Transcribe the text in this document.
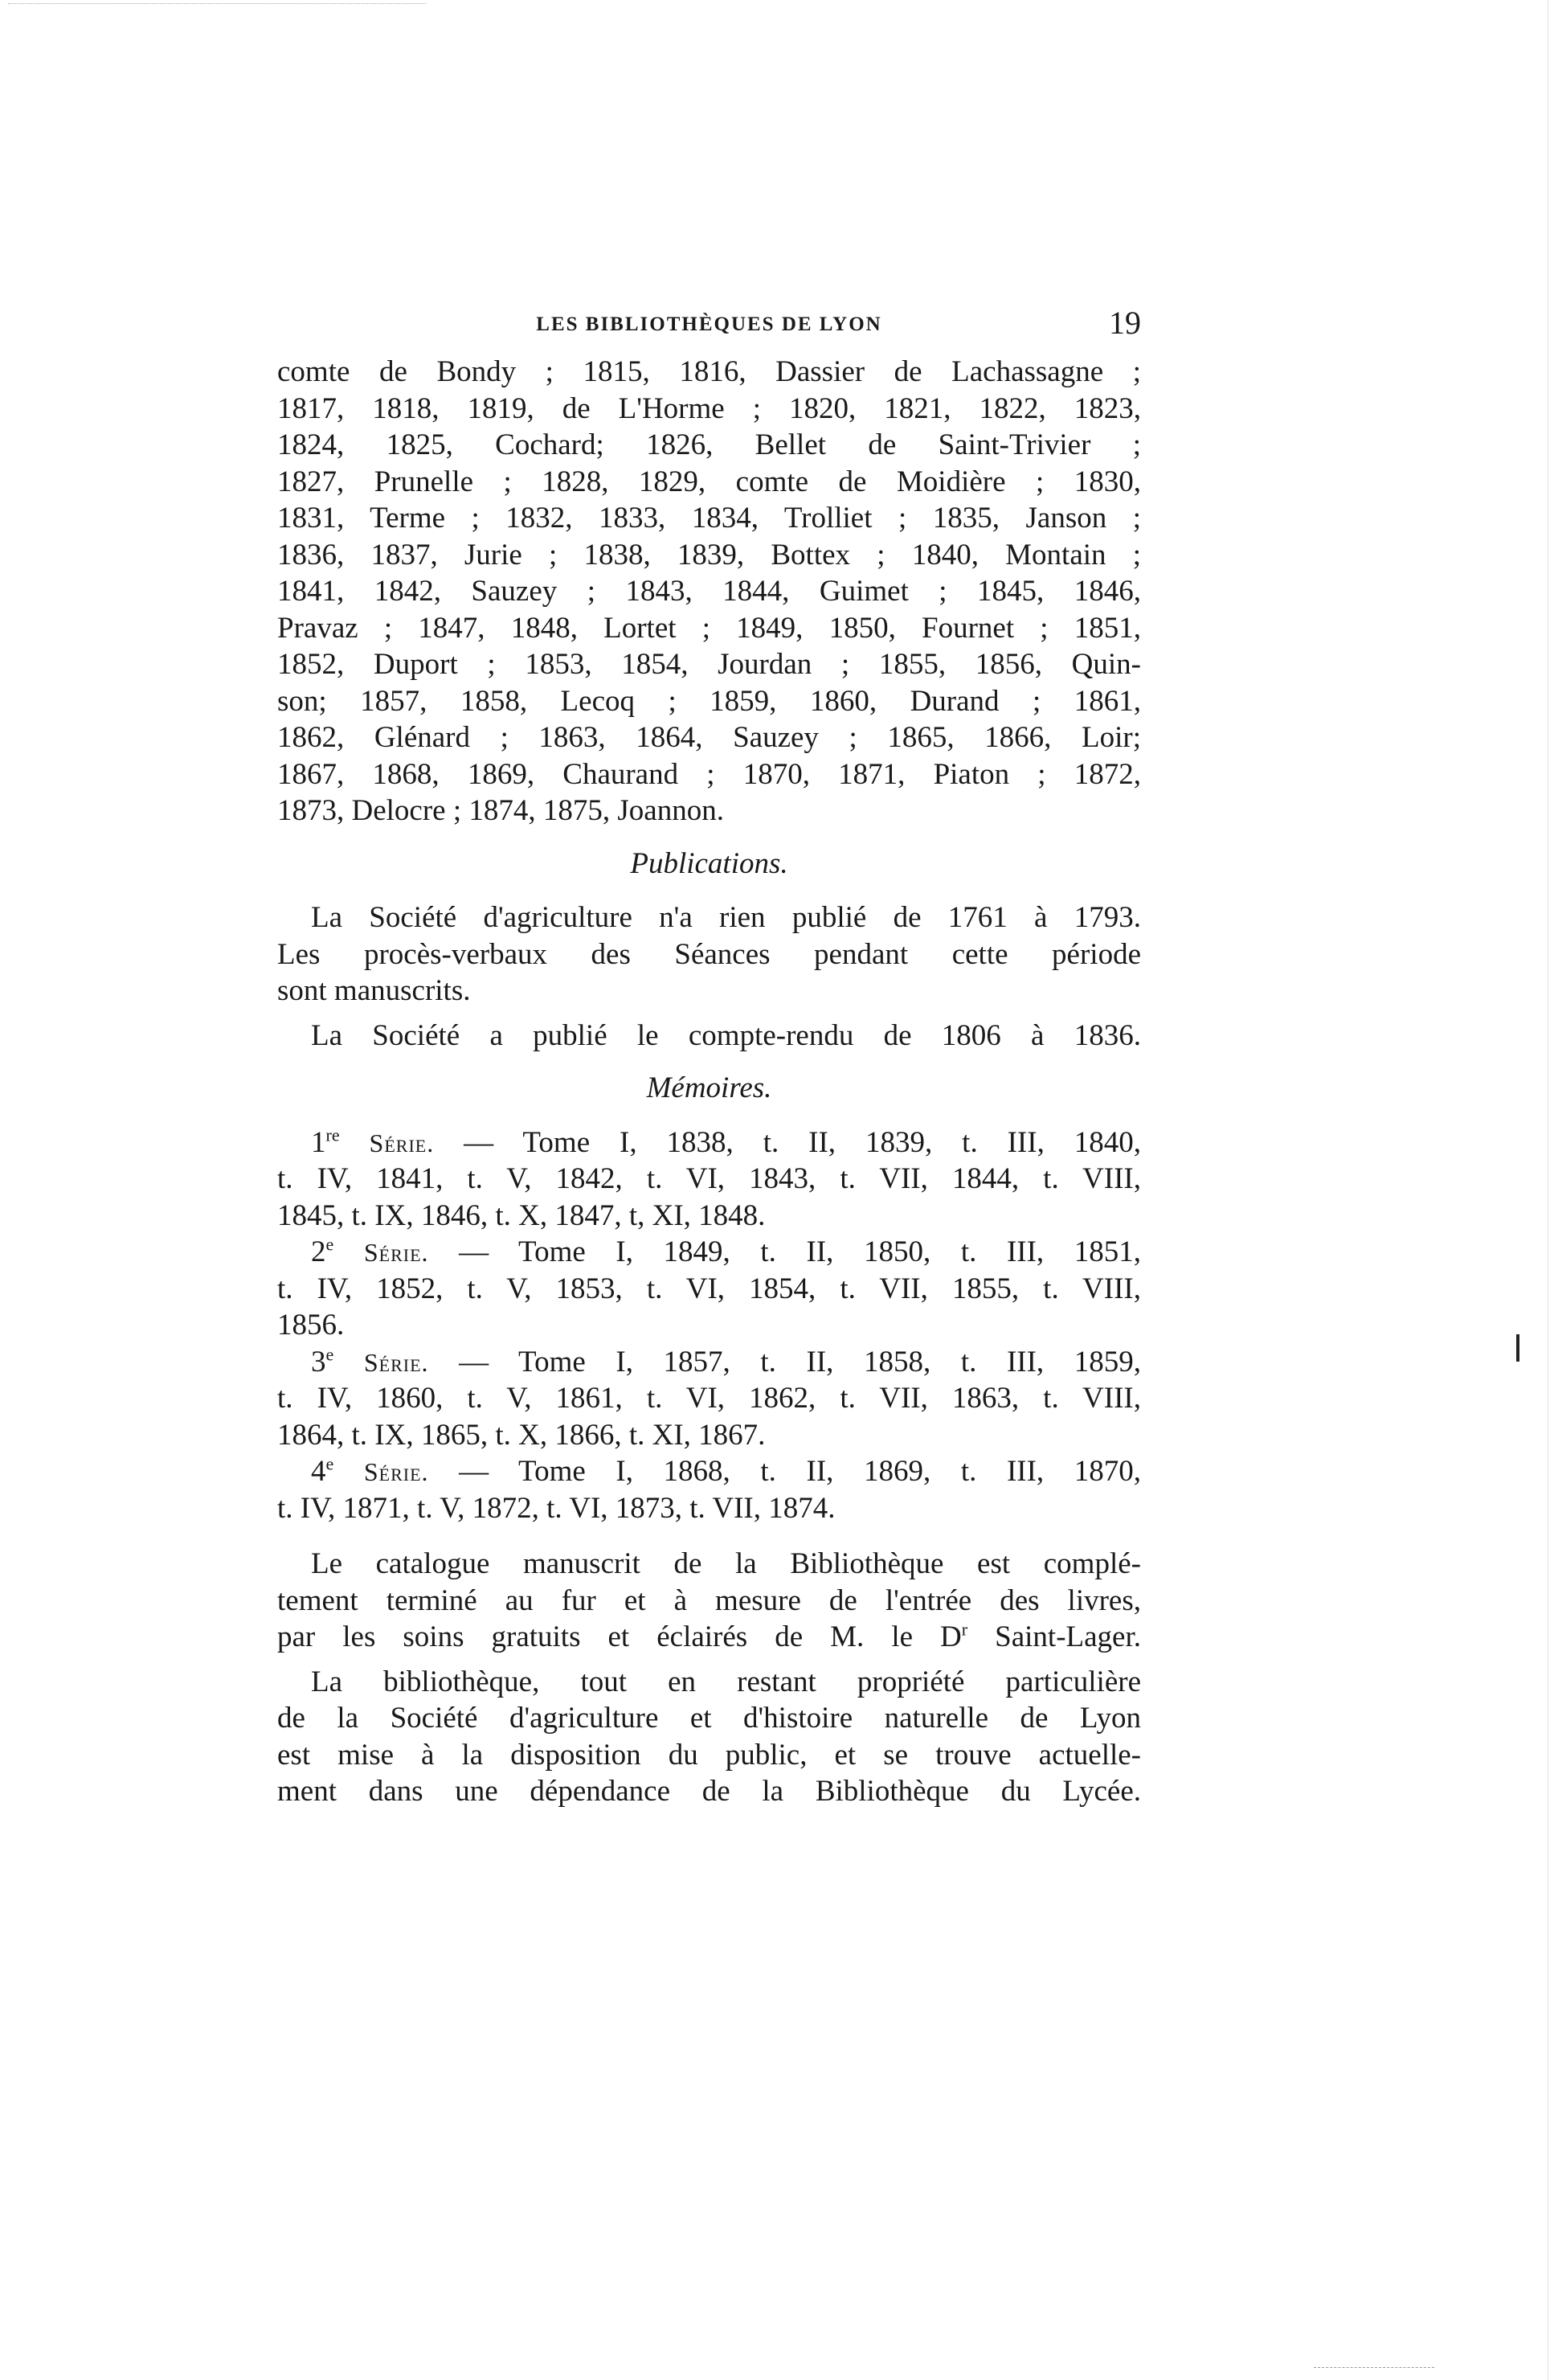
LES BIBLIOTHÈQUES DE LYON	19
comte de Bondy ; 1815, 1816, Dassier de Lachassagne ;
1817, 1818, 1819, de L'Horme ; 1820, 1821, 1822, 1823,
1824, 1825, Cochard; 1826, Bellet de Saint-Trivier ;
1827, Prunelle ; 1828, 1829, comte de Moidière ; 1830,
1831, Terme ; 1832, 1833, 1834, Trolliet ; 1835, Janson ;
1836, 1837, Jurie ; 1838, 1839, Bottex ; 1840, Montain ;
1841, 1842, Sauzey ; 1843, 1844, Guimet ; 1845, 1846,
Pravaz ; 1847, 1848, Lortet ; 1849, 1850, Fournet ; 1851,
1852, Duport ; 1853, 1854, Jourdan ; 1855, 1856, Quin-
son; 1857, 1858, Lecoq ; 1859, 1860, Durand ; 1861,
1862, Glénard ; 1863, 1864, Sauzey ; 1865, 1866, Loir;
1867, 1868, 1869, Chaurand ; 1870, 1871, Piaton ; 1872,
1873, Delocre ; 1874, 1875, Joannon.
Publications.
La Société d'agriculture n'a rien publié de 1761 à 1793.
Les procès-verbaux des Séances pendant cette période
sont manuscrits.
La Société a publié le compte-rendu de 1806 à 1836.
Mémoires.
1re Série. — Tome I, 1838, t. II, 1839, t. III, 1840,
t. IV, 1841, t. V, 1842, t. VI, 1843, t. VII, 1844, t. VIII,
1845, t. IX, 1846, t. X, 1847, t, XI, 1848.
2e Série. — Tome I, 1849, t. II, 1850, t. III, 1851,
t. IV, 1852, t. V, 1853, t. VI, 1854, t. VII, 1855, t. VIII,
1856.
3e Série. — Tome I, 1857, t. II, 1858, t. III, 1859,
t. IV, 1860, t. V, 1861, t. VI, 1862, t. VII, 1863, t. VIII,
1864, t. IX, 1865, t. X, 1866, t. XI, 1867.
4e Série. — Tome I, 1868, t. II, 1869, t. III, 1870,
t. IV, 1871, t. V, 1872, t. VI, 1873, t. VII, 1874.
Le catalogue manuscrit de la Bibliothèque est complé-
tement terminé au fur et à mesure de l'entrée des livres,
par les soins gratuits et éclairés de M. le $D^r$ Saint-Lager.
La bibliothèque, tout en restant propriété particulière
de la Société d'agriculture et d'histoire naturelle de Lyon
est mise à la disposition du public, et se trouve actuelle-
ment dans une dépendance de la Bibliothèque du Lycée.
